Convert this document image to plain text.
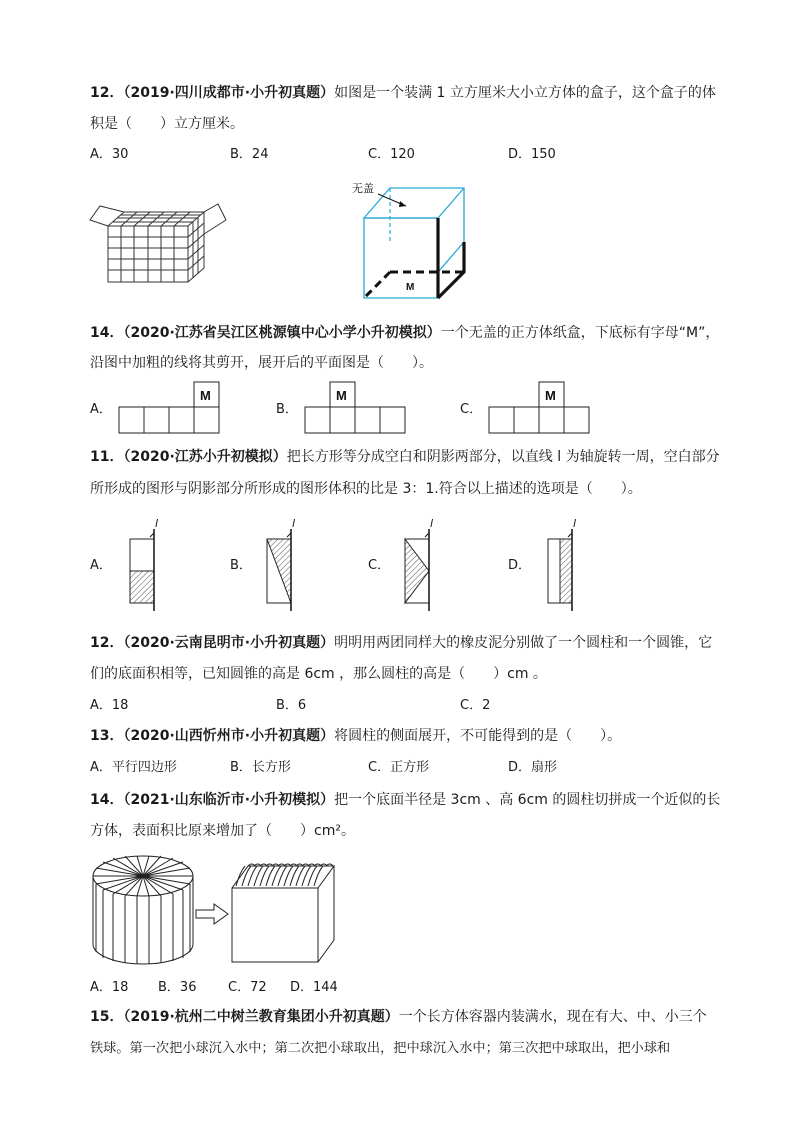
12．（2019·四川成都市·小升初真题）如图是一个装满 1 立方厘米大小立方体的盒子，这个盒子的体
积是（　　）立方厘米。
A．30	B．24	C．120	D．150
无盖
M
14．（2020·江苏省吴江区桃源镇中心小学小升初模拟）一个无盖的正方体纸盒，下底标有字母“M”，
沿图中加粗的线将其剪开，展开后的平面图是（　　）。
A．
M
B．
M
C．
M
11．（2020·江苏小升初模拟）把长方形等分成空白和阴影两部分，以直线 l 为轴旋转一周，空白部分
所形成的图形与阴影部分所形成的图形体积的比是 3：1.符合以上描述的选项是（　　）。
A．
l
B．
l
C．
l
D．
l
12．（2020·云南昆明市·小升初真题）明明用两团同样大的橡皮泥分别做了一个圆柱和一个圆锥，它
们的底面积相等，已知圆锥的高是 6cm ，那么圆柱的高是（　　）cm 。
A．18	B．6	C．2
13．（2020·山西忻州市·小升初真题）将圆柱的侧面展开，不可能得到的是（　　）。
A．平行四边形	B．长方形	C．正方形	D．扇形
14．（2021·山东临沂市·小升初模拟）把一个底面半径是 3cm 、高 6cm 的圆柱切拼成一个近似的长
方体，表面积比原来增加了（　　）cm²。
A．18 B．36 C．72 D．144
15．（2019·杭州二中树兰教育集团小升初真题）一个长方体容器内装满水，现在有大、中、小三个
铁球。第一次把小球沉入水中；第二次把小球取出，把中球沉入水中；第三次把中球取出，把小球和
